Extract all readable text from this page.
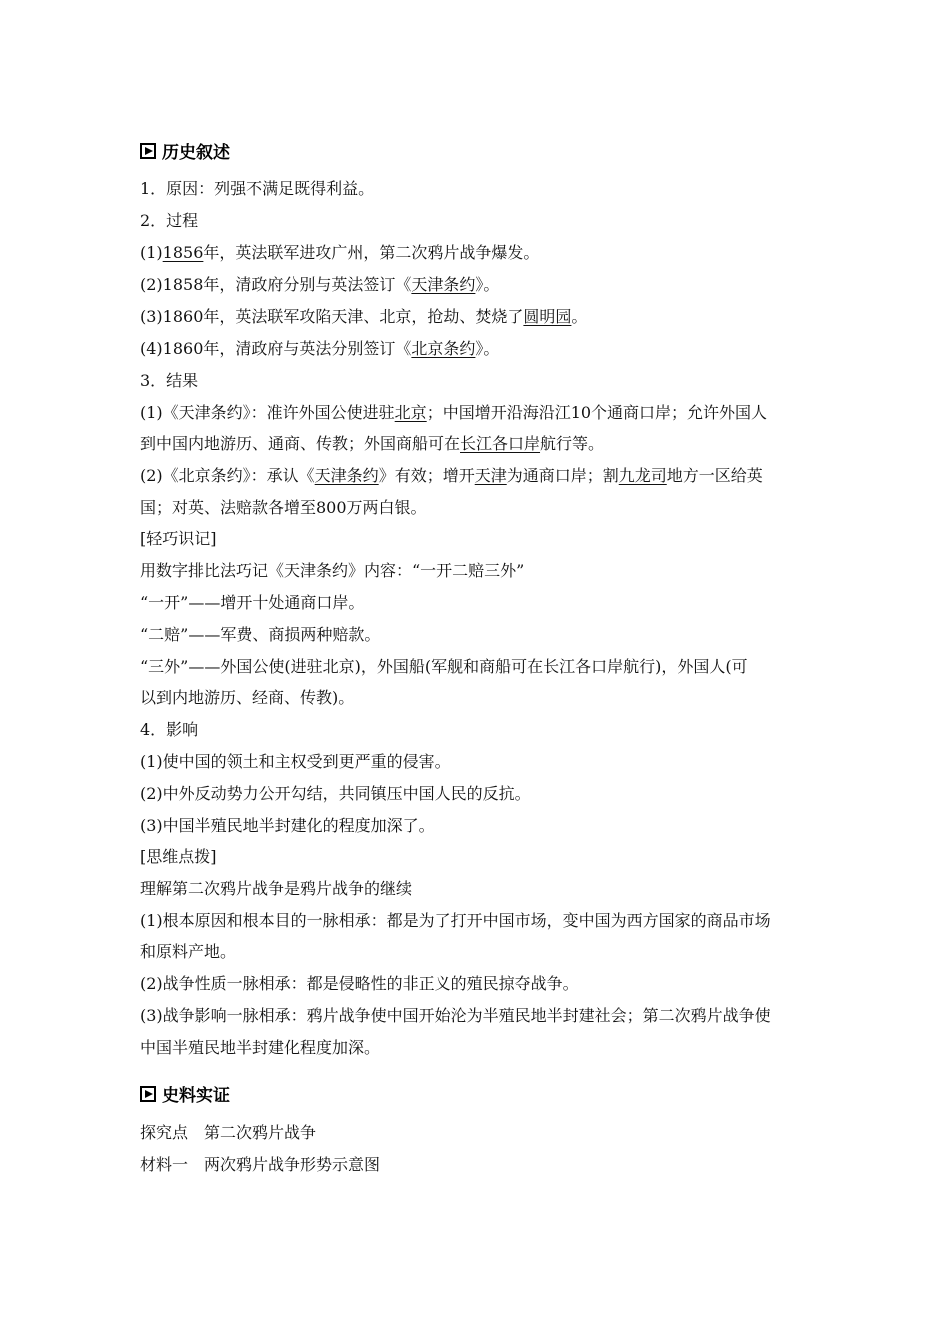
历史叙述
1．原因：列强不满足既得利益。
2．过程
(1)1856年，英法联军进攻广州，第二次鸦片战争爆发。
(2)1858年，清政府分别与英法签订《天津条约》。
(3)1860年，英法联军攻陷天津、北京，抢劫、焚烧了圆明园。
(4)1860年，清政府与英法分别签订《北京条约》。
3．结果
(1)《天津条约》：准许外国公使进驻北京；中国增开沿海沿江10个通商口岸；允许外国人
到中国内地游历、通商、传教；外国商船可在长江各口岸航行等。
(2)《北京条约》：承认《天津条约》有效；增开天津为通商口岸；割九龙司地方一区给英
国；对英、法赔款各增至800万两白银。
[轻巧识记]
用数字排比法巧记《天津条约》内容：“一开二赔三外”
“一开”——增开十处通商口岸。
“二赔”——军费、商损两种赔款。
“三外”——外国公使(进驻北京)，外国船(军舰和商船可在长江各口岸航行)，外国人(可
以到内地游历、经商、传教)。
4．影响
(1)使中国的领土和主权受到更严重的侵害。
(2)中外反动势力公开勾结，共同镇压中国人民的反抗。
(3)中国半殖民地半封建化的程度加深了。
[思维点拨]
理解第二次鸦片战争是鸦片战争的继续
(1)根本原因和根本目的一脉相承：都是为了打开中国市场，变中国为西方国家的商品市场
和原料产地。
(2)战争性质一脉相承：都是侵略性的非正义的殖民掠夺战争。
(3)战争影响一脉相承：鸦片战争使中国开始沦为半殖民地半封建社会；第二次鸦片战争使
中国半殖民地半封建化程度加深。
史料实证
探究点　第二次鸦片战争
材料一　两次鸦片战争形势示意图
